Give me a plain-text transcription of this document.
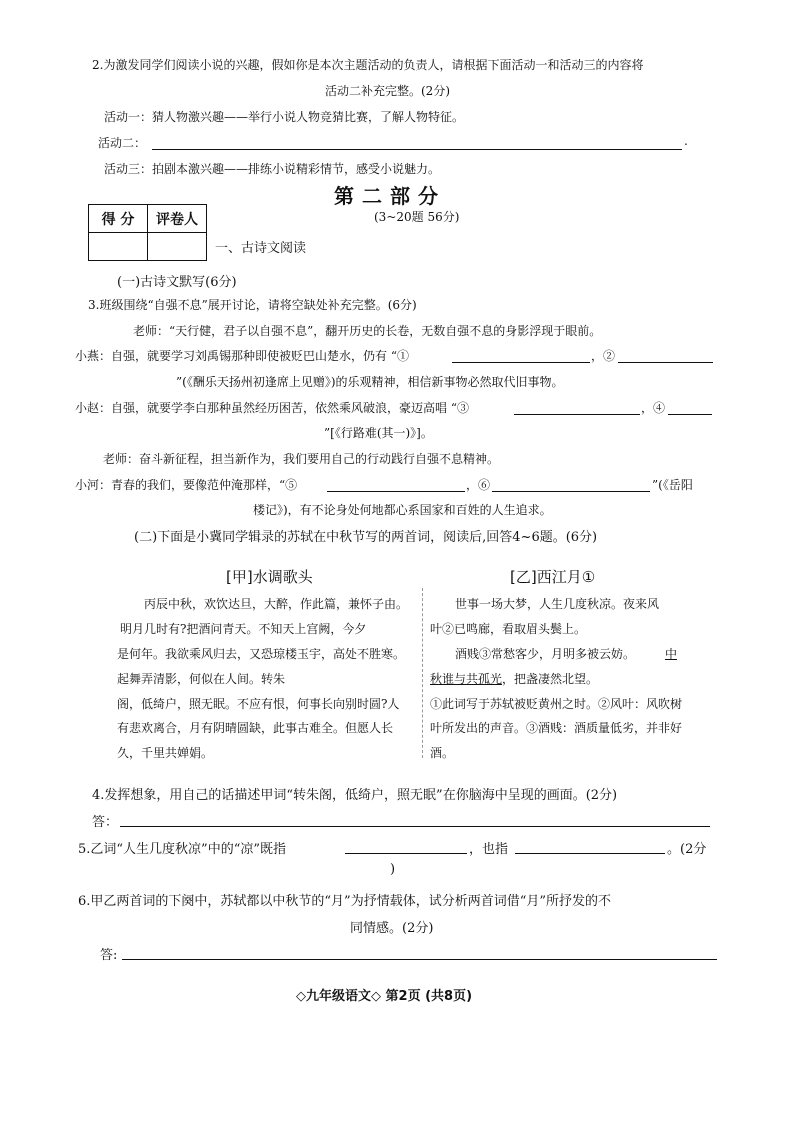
2.为激发同学们阅读小说的兴趣，假如你是本次主题活动的负责人，请根据下面活动一和活动三的内容将
活动二补充完整。(2分)
活动一：猜人物激兴趣——举行小说人物竞猜比赛，了解人物特征。
活动二：	.
活动三：拍剧本激兴趣——排练小说精彩情节，感受小说魅力。
第二部分
(3~20题 56分)
得 分	评卷人

一、古诗文阅读
(一)古诗文默写(6分)
3.班级围绕“自强不息”展开讨论，请将空缺处补充完整。(6分)
老师：“天行健，君子以自强不息”，翻开历史的长卷，无数自强不息的身影浮现于眼前。
小燕：自强，就要学习刘禹锡那种即使被贬巴山楚水，仍有 “①	，②
”(《酬乐天扬州初逢席上见赠》)的乐观精神，相信新事物必然取代旧事物。
小赵：自强，就要学李白那种虽然经历困苦，依然乘风破浪，豪迈高唱 “③	，④
”[《行路难(其一)》]。
老师：奋斗新征程，担当新作为，我们要用自己的行动践行自强不息精神。
小河：青春的我们，要像范仲淹那样，“⑤	，⑥	”(《岳阳
楼记》)，有不论身处何地都心系国家和百姓的人生追求。
(二)下面是小冀同学辑录的苏轼在中秋节写的两首词，阅读后,回答4~6题。(6分)
[甲]水调歌头
丙辰中秋，欢饮达旦，大醉，作此篇，兼怀子由。
明月几时有?把酒问青天。不知天上宫阙，今夕
是何年。我欲乘风归去，又恐琼楼玉宇，高处不胜寒。
起舞弄清影，何似在人间。转朱
阁，低绮户，照无眠。不应有恨，何事长向别时圆?人
有悲欢离合，月有阴晴圆缺，此事古难全。但愿人长
久，千里共婵娟。
[乙]西江月①
世事一场大梦，人生几度秋凉。夜来风
叶②已鸣廊，看取眉头鬓上。
酒贱③常愁客少，月明多被云妨。 中
秋谁与共孤光，把盏凄然北望。
①此词写于苏轼被贬黄州之时。②风叶：风吹树
叶所发出的声音。③酒贱：酒质量低劣，并非好
酒。
4.发挥想象，用自己的话描述甲词“转朱阁，低绮户，照无眠”在你脑海中呈现的画面。(2分)
答：
5.乙词“人生几度秋凉”中的“凉”既指	，也指	。(2分
)
6.甲乙两首词的下阕中，苏轼都以中秋节的“月”为抒情载体，试分析两首词借“月”所抒发的不
同情感。(2分)
答:
◇九年级语文◇ 第2页 (共8页)
